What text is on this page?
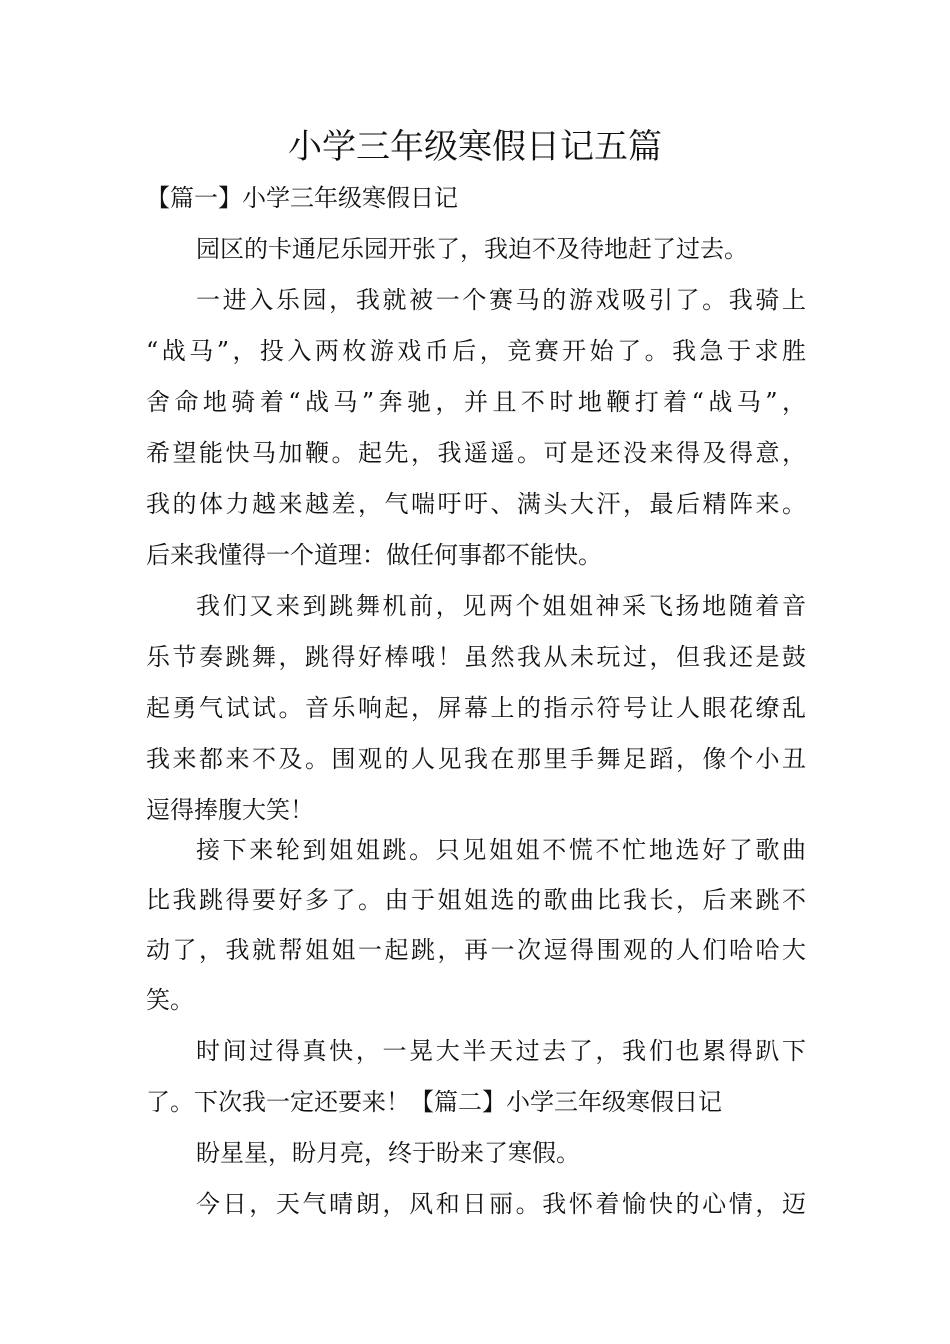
小学三年级寒假日记五篇
【篇一】小学三年级寒假日记
园区的卡通尼乐园开张了，我迫不及待地赶了过去。
一进入乐园，我就被一个赛马的游戏吸引了。我骑上
“战马”，投入两枚游戏币后，竞赛开始了。我急于求胜
舍命地骑着“战马”奔驰，并且不时地鞭打着“战马”，
希望能快马加鞭。起先，我遥遥。可是还没来得及得意，
我的体力越来越差，气喘吁吁、满头大汗，最后精阵来。
后来我懂得一个道理：做任何事都不能快。
我们又来到跳舞机前，见两个姐姐神采飞扬地随着音
乐节奏跳舞，跳得好棒哦！虽然我从未玩过，但我还是鼓
起勇气试试。音乐响起，屏幕上的指示符号让人眼花缭乱
我来都来不及。围观的人见我在那里手舞足蹈，像个小丑
逗得捧腹大笑！
接下来轮到姐姐跳。只见姐姐不慌不忙地选好了歌曲
比我跳得要好多了。由于姐姐选的歌曲比我长，后来跳不
动了，我就帮姐姐一起跳，再一次逗得围观的人们哈哈大
笑。
时间过得真快，一晃大半天过去了，我们也累得趴下
了。下次我一定还要来！【篇二】小学三年级寒假日记
盼星星，盼月亮，终于盼来了寒假。
今日，天气晴朗，风和日丽。我怀着愉快的心情，迈
